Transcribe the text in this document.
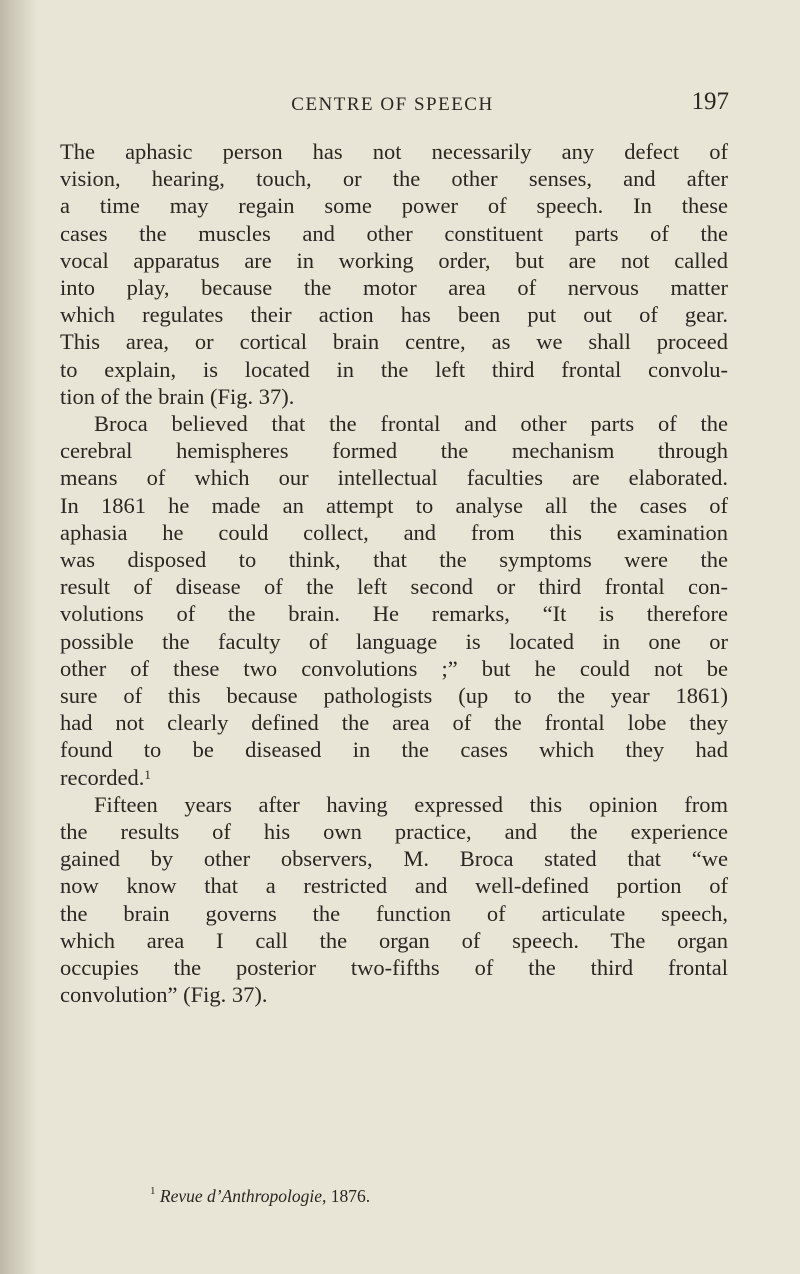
CENTRE OF SPEECH	197

The aphasic person has not necessarily any defect of
vision, hearing, touch, or the other senses, and after
a time may regain some power of speech. In these
cases the muscles and other constituent parts of the
vocal apparatus are in working order, but are not called
into play, because the motor area of nervous matter
which regulates their action has been put out of gear.
This area, or cortical brain centre, as we shall proceed
to explain, is located in the left third frontal convolu-
tion of the brain (Fig. 37).

Broca believed that the frontal and other parts of the
cerebral hemispheres formed the mechanism through
means of which our intellectual faculties are elaborated.
In 1861 he made an attempt to analyse all the cases of
aphasia he could collect, and from this examination
was disposed to think, that the symptoms were the
result of disease of the left second or third frontal con-
volutions of the brain. He remarks, “It is therefore
possible the faculty of language is located in one or
other of these two convolutions ;” but he could not be
sure of this because pathologists (up to the year 1861)
had not clearly defined the area of the frontal lobe they
found to be diseased in the cases which they had
recorded.$^1$

Fifteen years after having expressed this opinion from
the results of his own practice, and the experience
gained by other observers, M. Broca stated that “we
now know that a restricted and well-defined portion of
the brain governs the function of articulate speech,
which area I call the organ of speech. The organ
occupies the posterior two-fifths of the third frontal
convolution” (Fig. 37).

$^1$ Revue d’Anthropologie, 1876.
